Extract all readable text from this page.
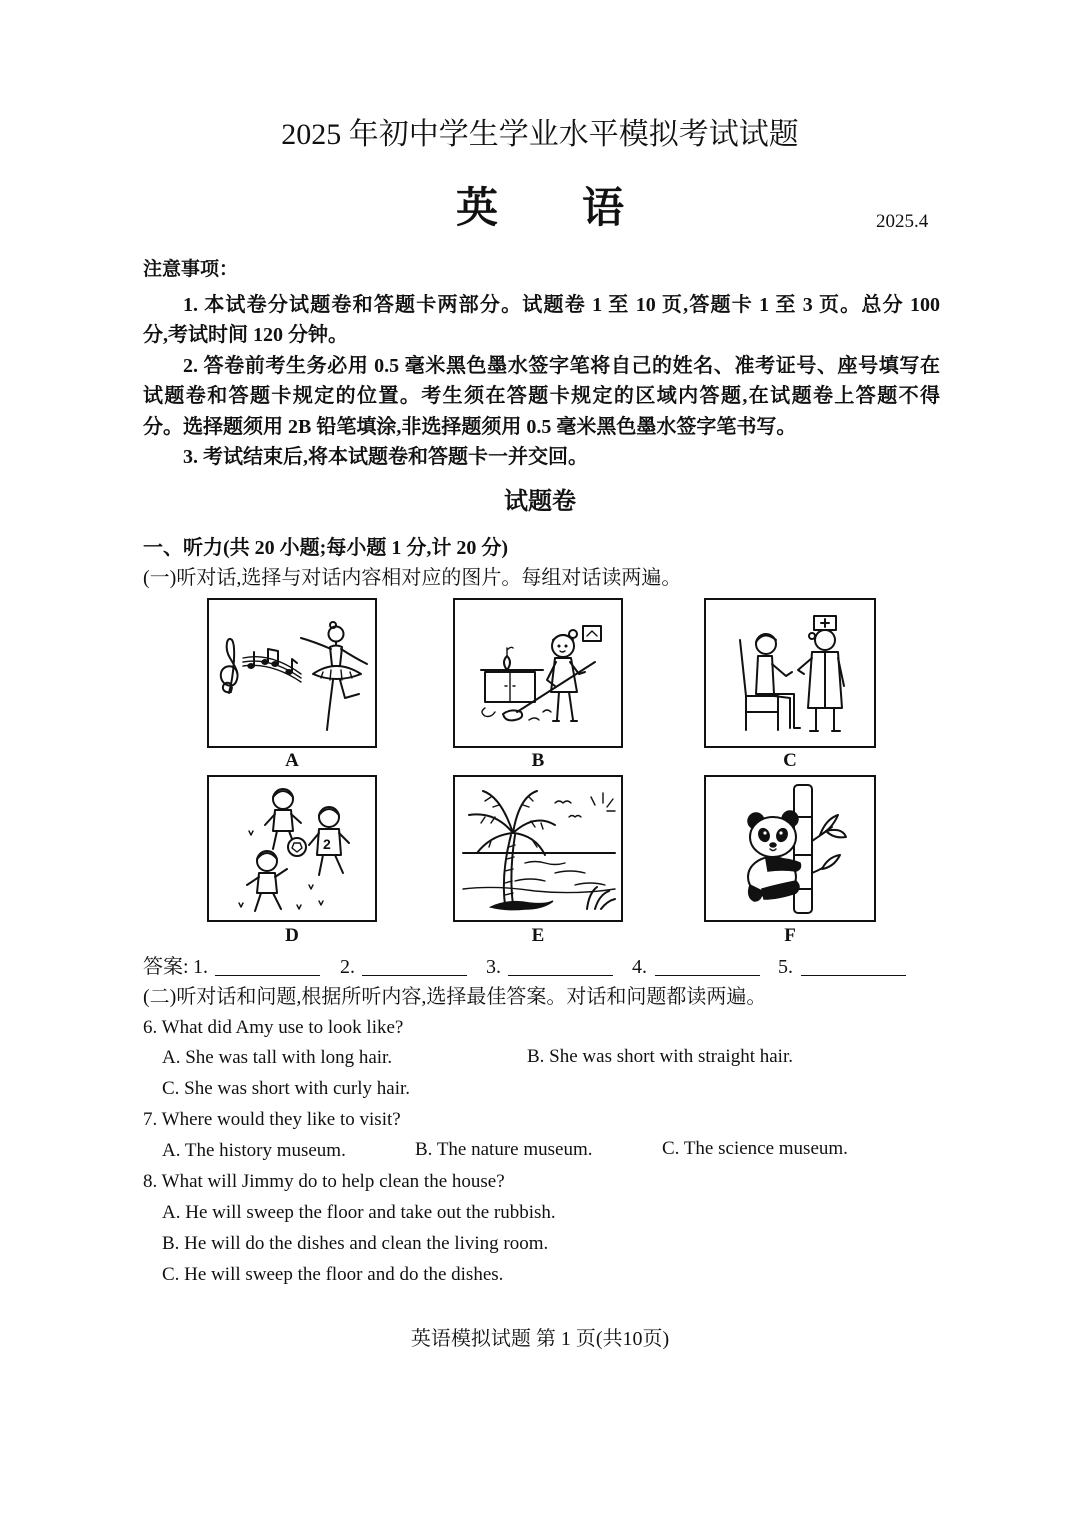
2025 年初中学生学业水平模拟考试试题
英　　语	2025.4
注意事项：
1. 本试卷分试题卷和答题卡两部分。试题卷 1 至 10 页,答题卡 1 至 3 页。总分 100
分,考试时间 120 分钟。
2. 答卷前考生务必用 0.5 毫米黑色墨水签字笔将自己的姓名、准考证号、座号填写在
试题卷和答题卡规定的位置。考生须在答题卡规定的区域内答题,在试题卷上答题不得
分。选择题须用 2B 铅笔填涂,非选择题须用 0.5 毫米黑色墨水签字笔书写。
3. 考试结束后,将本试题卷和答题卡一并交回。
试题卷
一、听力(共 20 小题;每小题 1 分,计 20 分)
(一)听对话,选择与对话内容相对应的图片。每组对话读两遍。
A	B	C
2
D	E	F
答案: 1.	2.	3.	4.	5.
(二)听对话和问题,根据所听内容,选择最佳答案。对话和问题都读两遍。
6. What did Amy use to look like?
A. She was tall with long hair.	B. She was short with straight hair.
C. She was short with curly hair.
7. Where would they like to visit?
A. The history museum.	B. The nature museum.	C. The science museum.
8. What will Jimmy do to help clean the house?
A. He will sweep the floor and take out the rubbish.
B. He will do the dishes and clean the living room.
C. He will sweep the floor and do the dishes.
英语模拟试题 第 1 页(共10页)
